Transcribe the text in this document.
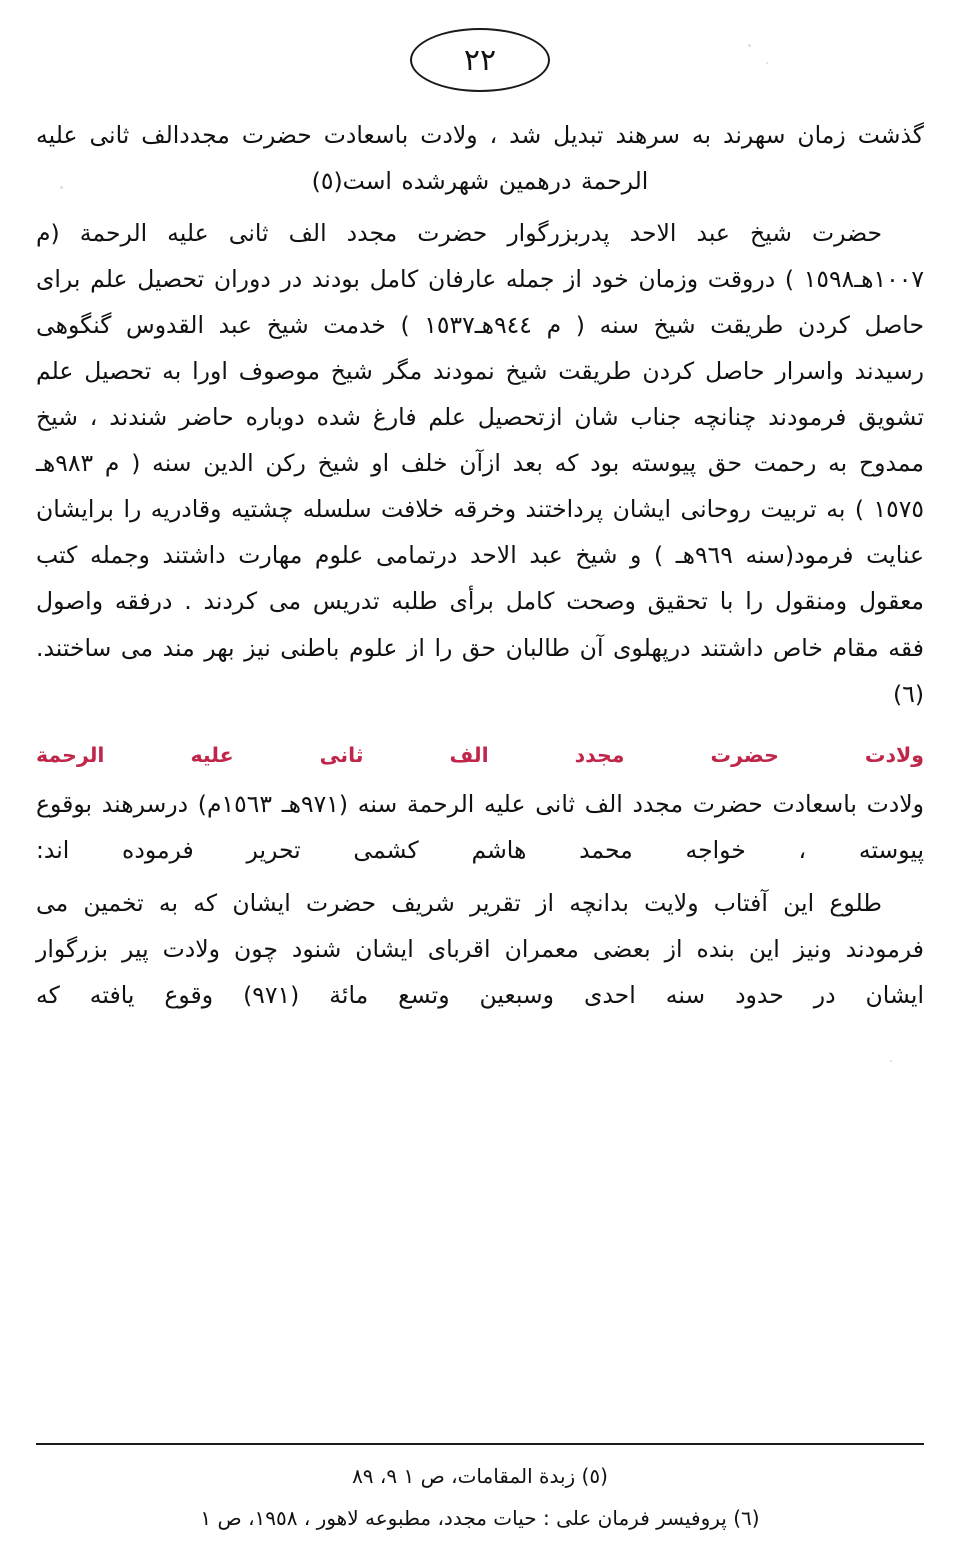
٢٢

گذشت زمان سهرند به سرهند تبدیل شد ، ولادت باسعادت حضرت مجددالف ثانی علیه الرحمة درهمین شهرشده است(٥)

حضرت شیخ عبد الاحد پدربزرگوار حضرت مجدد الف ثانی علیه الرحمة (م ١٠٠٧هـ١٥٩٨ ) دروقت وزمان خود از جمله عارفان کامل بودند در دوران تحصیل علم برای حاصل کردن طریقت شیخ سنه ( م ٩٤٤هـ١٥٣٧ ) خدمت شیخ عبد القدوس گنگوهی رسیدند واسرار حاصل کردن طریقت شیخ نمودند مگر شیخ موصوف اورا به تحصیل علم تشویق فرمودند چنانچه جناب شان ازتحصیل علم فارغ شده دوباره حاضر شندند ، شیخ ممدوح به رحمت حق پیوسته بود که بعد ازآن خلف او شیخ رکن الدین سنه ( م ٩٨٣هـ ١٥٧٥ ) به تربیت روحانی ایشان پرداختند وخرقه خلافت سلسله چشتیه وقادریه را برایشان عنایت فرمود(سنه ٩٦٩هـ ) و شیخ عبد الاحد درتمامی علوم مهارت داشتند وجمله کتب معقول ومنقول را با تحقیق وصحت کامل برأی طلبه تدریس می کردند . درفقه واصول فقه مقام خاص داشتند درپهلوی آن طالبان حق را از علوم باطنی نیز بهر مند می ساختند.(٦)

ولادت حضرت مجدد الف ثانی علیه الرحمة

ولادت باسعادت حضرت مجدد الف ثانی علیه الرحمة سنه (٩٧١هـ ١٥٦٣م) درسرهند بوقوع پیوسته ، خواجه محمد هاشم کشمی تحریر فرموده اند:

طلوع این آفتاب ولایت بدانچه از تقریر شریف حضرت ایشان که به تخمین می فرمودند ونیز این بنده از بعضی معمران اقربای ایشان شنود چون ولادت پیر بزرگوار ایشان در حدود سنه احدی وسبعین وتسع مائة (٩٧١) وقوع یافته که

(٥) زبدة المقامات، ص ١ ٩، ٨٩
(٦) پروفیسر فرمان علی : حیات مجدد، مطبوعه لاهور ، ١٩٥٨، ص ١
